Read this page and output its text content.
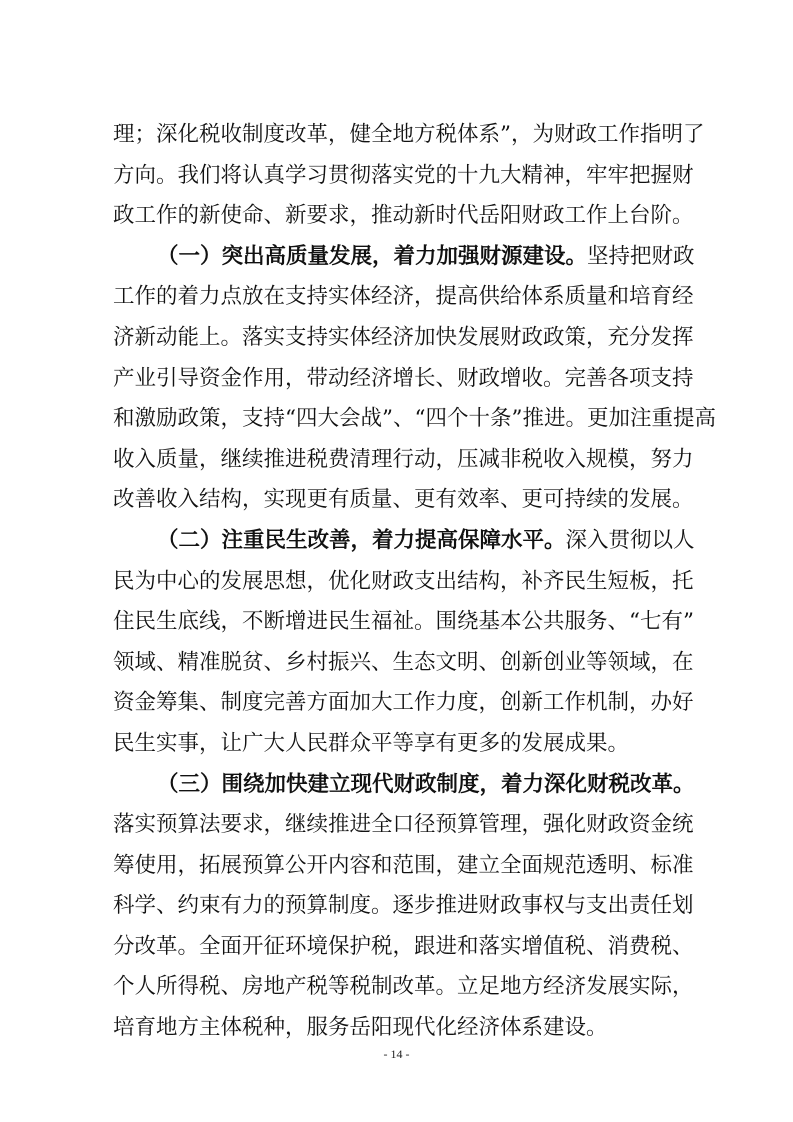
理；深化税收制度改革，健全地方税体系”，为财政工作指明了
方向。我们将认真学习贯彻落实党的十九大精神，牢牢把握财
政工作的新使命、新要求，推动新时代岳阳财政工作上台阶。
（一）突出高质量发展，着力加强财源建设。坚持把财政
工作的着力点放在支持实体经济，提高供给体系质量和培育经
济新动能上。落实支持实体经济加快发展财政政策，充分发挥
产业引导资金作用，带动经济增长、财政增收。完善各项支持
和激励政策，支持“四大会战”、“四个十条”推进。更加注重提高
收入质量，继续推进税费清理行动，压减非税收入规模，努力
改善收入结构，实现更有质量、更有效率、更可持续的发展。
（二）注重民生改善，着力提高保障水平。深入贯彻以人
民为中心的发展思想，优化财政支出结构，补齐民生短板，托
住民生底线，不断增进民生福祉。围绕基本公共服务、“七有”
领域、精准脱贫、乡村振兴、生态文明、创新创业等领域，在
资金筹集、制度完善方面加大工作力度，创新工作机制，办好
民生实事，让广大人民群众平等享有更多的发展成果。
（三）围绕加快建立现代财政制度，着力深化财税改革。
落实预算法要求，继续推进全口径预算管理，强化财政资金统
筹使用，拓展预算公开内容和范围，建立全面规范透明、标准
科学、约束有力的预算制度。逐步推进财政事权与支出责任划
分改革。全面开征环境保护税，跟进和落实增值税、消费税、
个人所得税、房地产税等税制改革。立足地方经济发展实际，
培育地方主体税种，服务岳阳现代化经济体系建设。
- 14 -
